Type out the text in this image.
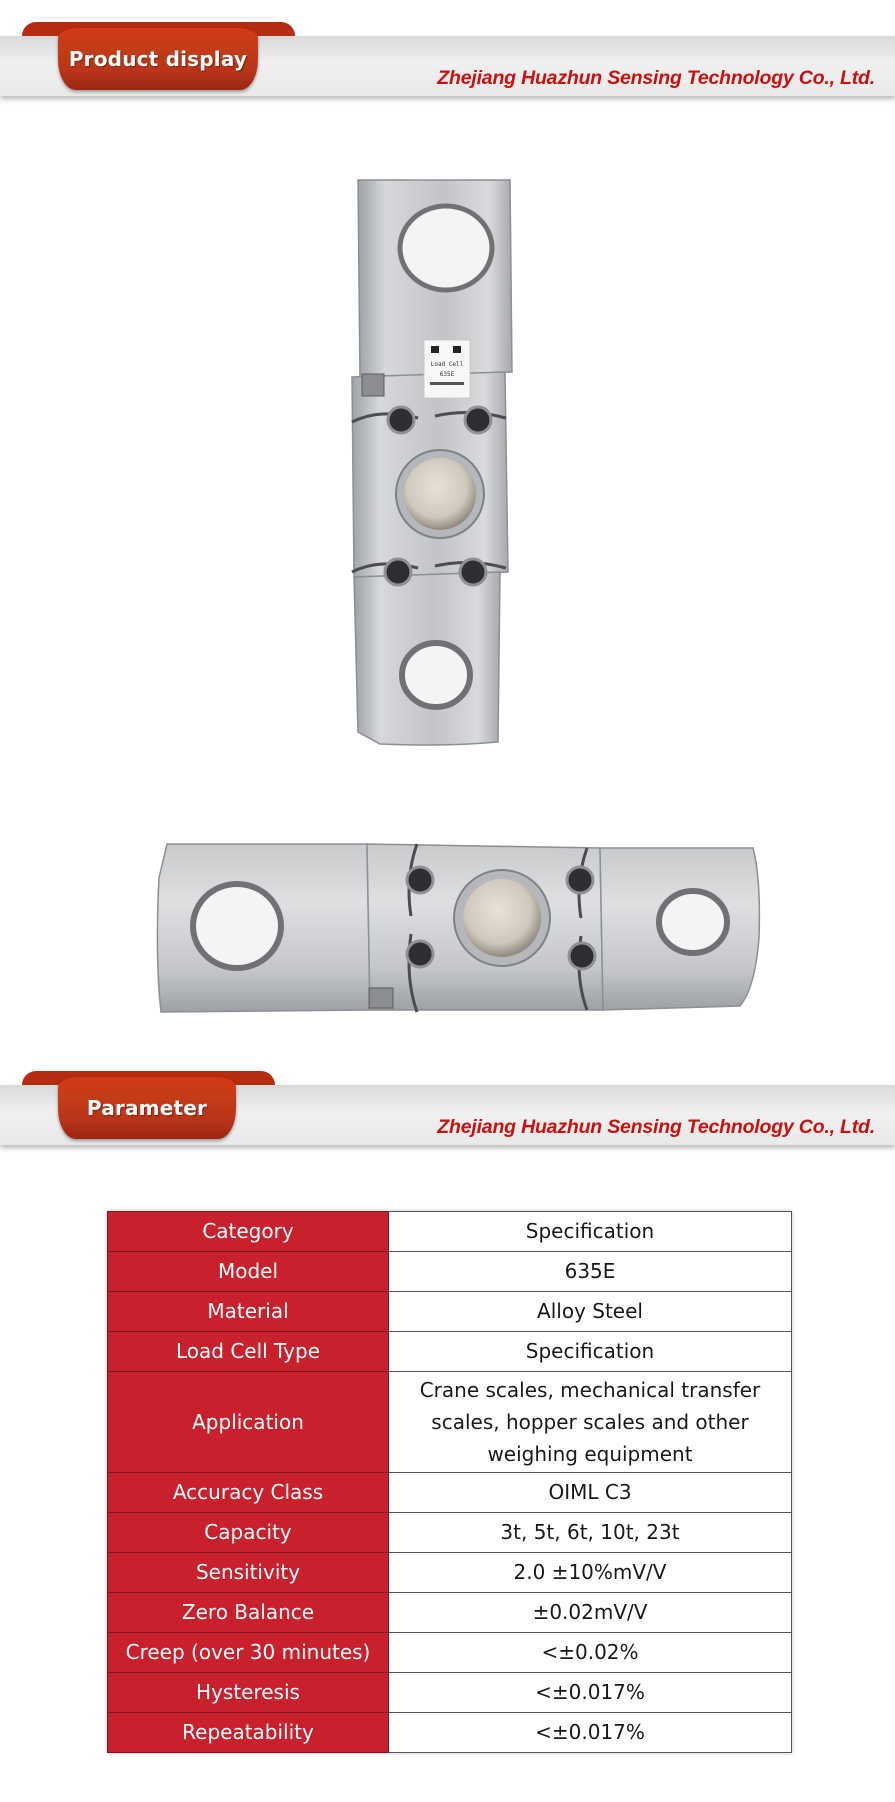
Product display
Zhejiang Huazhun Sensing Technology Co., Ltd.
Load Cell
635E
Parameter
Zhejiang Huazhun Sensing Technology Co., Ltd.
Category	Specification
Model	635E
Material	Alloy Steel
Load Cell Type	Specification
Application	Crane scales, mechanical transfer scales, hopper scales and other weighing equipment
Accuracy Class	OIML C3
Capacity	3t, 5t, 6t, 10t, 23t
Sensitivity	2.0 ±10%mV/V
Zero Balance	±0.02mV/V
Creep (over 30 minutes)	<±0.02%
Hysteresis	<±0.017%
Repeatability	<±0.017%
